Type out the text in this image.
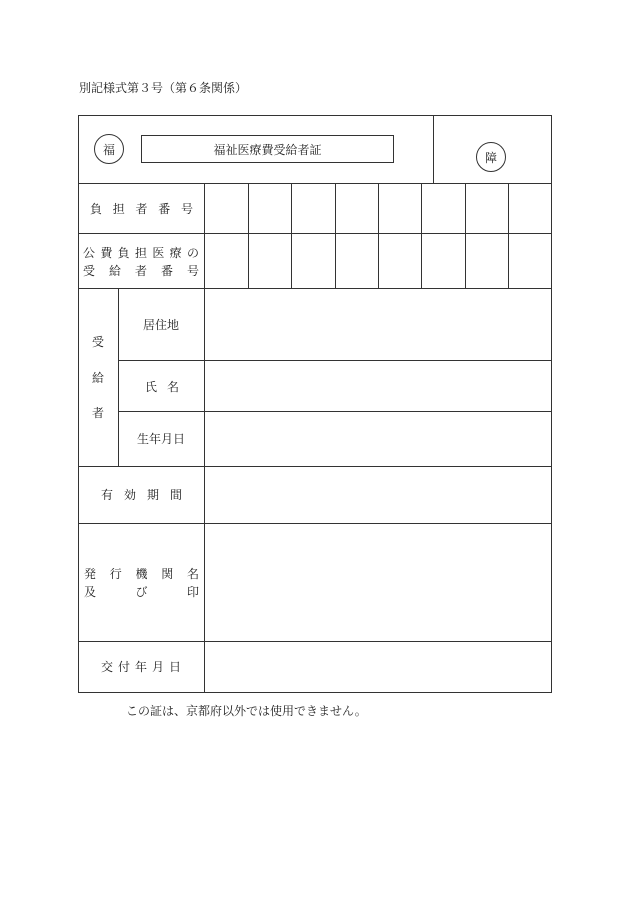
別記様式第３号（第６条関係）
福	福祉医療費受給者証
障
負 担 者 番 号
公 費 負 担 医 療 の
受 給 者 番 号
受
給
者
居住地
氏 名
生年月日
有 効 期 間
発 行 機 関 名
及	び	印
交 付 年 月 日
この証は、京都府以外では使用できません。
